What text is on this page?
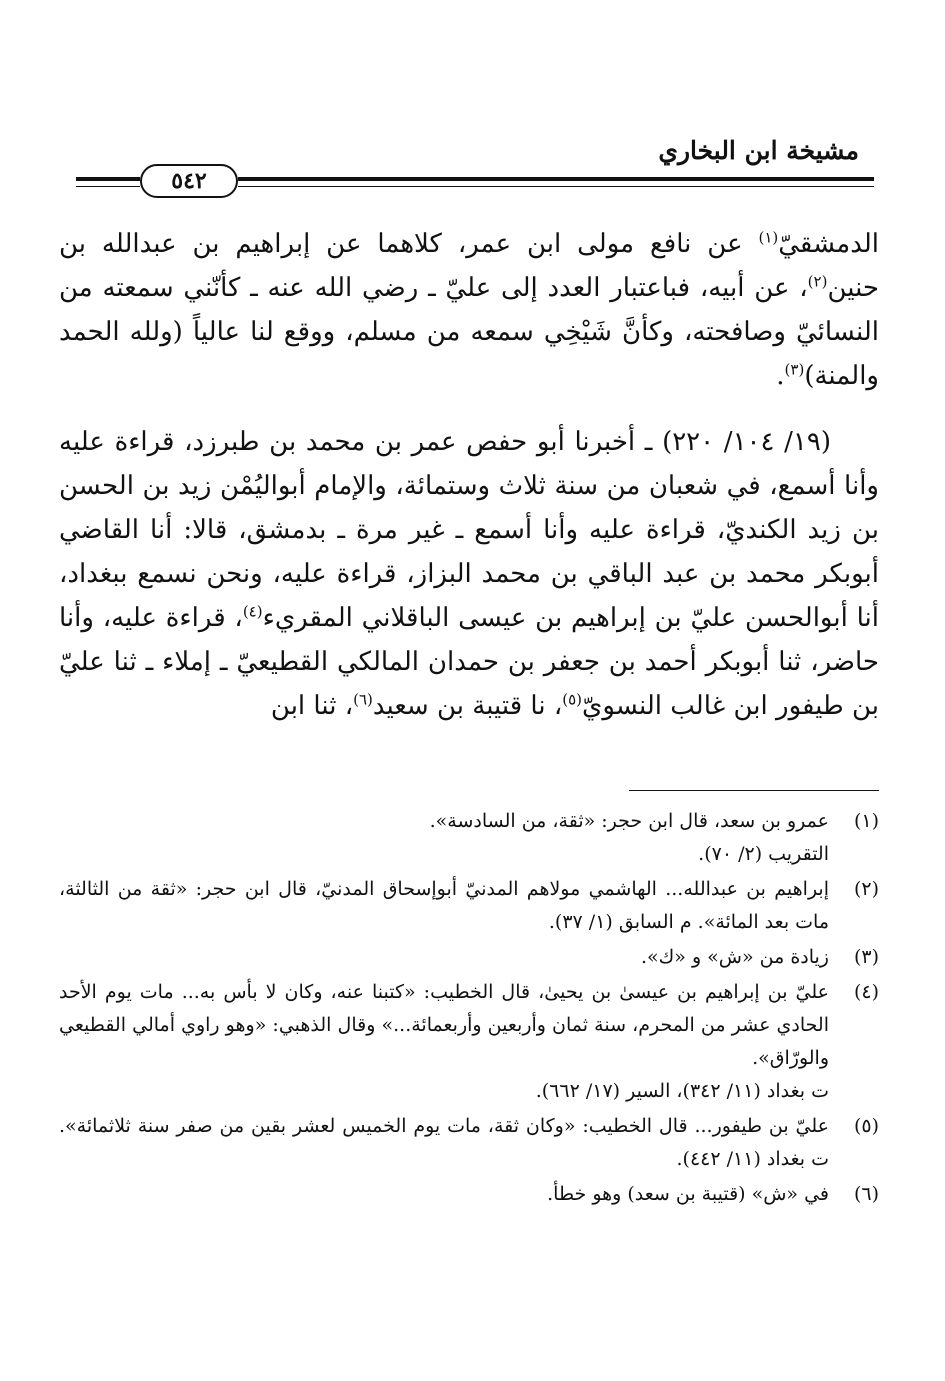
مشيخة ابن البخاري
٥٤٢

الدمشقيّ$^{(١)}$ عن نافع مولى ابن عمر، كلاهما عن إبراهيم بن عبدالله بن حنين$^{(٢)}$، عن أبيه، فباعتبار العدد إلى عليّ ـ رضي الله عنه ـ كأنّني سمعته من النسائيّ وصافحته، وكأنَّ شَيْخِي سمعه من مسلم، ووقع لنا عالياً (ولله الحمد والمنة)$^{(٣)}$.

(١٩/ ١٠٤/ ٢٢٠) ـ أخبرنا أبو حفص عمر بن محمد بن طبرزد، قراءة عليه وأنا أسمع، في شعبان من سنة ثلاث وستمائة، والإمام أبواليُمْن زيد بن الحسن بن زيد الكنديّ، قراءة عليه وأنا أسمع ـ غير مرة ـ بدمشق، قالا: أنا القاضي أبوبكر محمد بن عبد الباقي بن محمد البزاز، قراءة عليه، ونحن نسمع ببغداد، أنا أبوالحسن عليّ بن إبراهيم بن عيسى الباقلاني المقريء$^{(٤)}$، قراءة عليه، وأنا حاضر، ثنا أبوبكر أحمد بن جعفر بن حمدان المالكي القطيعيّ ـ إملاء ـ ثنا عليّ بن طيفور ابن غالب النسويّ$^{(٥)}$، نا قتيبة بن سعيد$^{(٦)}$، ثنا ابن

(١)
عمرو بن سعد، قال ابن حجر: «ثقة، من السادسة».
التقريب (٢/ ٧٠).
(٢)
إبراهيم بن عبدالله... الهاشمي مولاهم المدنيّ أبوإسحاق المدنيّ، قال ابن حجر: «ثقة من الثالثة، مات بعد المائة». م السابق (١/ ٣٧).
(٣)
زيادة من «ش» و «ك».
(٤)
عليّ بن إبراهيم بن عيسىٰ بن يحيىٰ، قال الخطيب: «كتبنا عنه، وكان لا بأس به... مات يوم الأحد الحادي عشر من المحرم، سنة ثمان وأربعين وأربعمائة...» وقال الذهبي: «وهو راوي أمالي القطيعي والورّاق».
ت بغداد (١١/ ٣٤٢)، السير (١٧/ ٦٦٢).
(٥)
عليّ بن طيفور... قال الخطيب: «وكان ثقة، مات يوم الخميس لعشر بقين من صفر سنة ثلاثمائة». ت بغداد (١١/ ٤٤٢).
(٦)
في «ش» (قتيبة بن سعد) وهو خطأ.
